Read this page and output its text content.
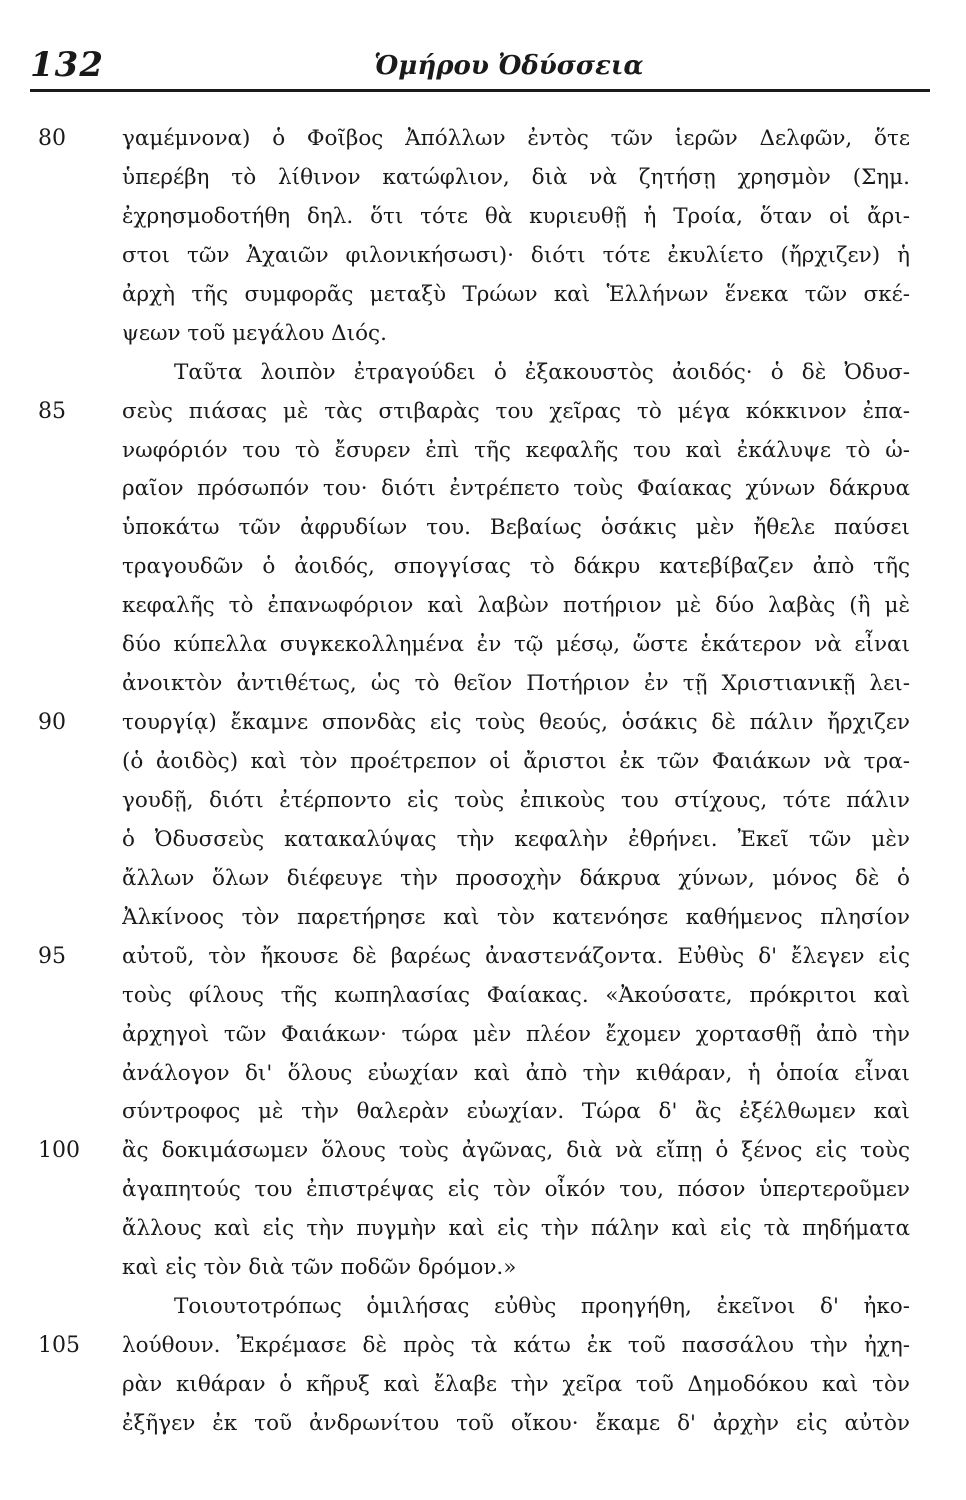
132	Ὁμήρου Ὀδύσσεια
80	γαμέμνονα) ὁ Φοῖβος Ἀπόλλων ἐντὸς τῶν ἱερῶν Δελφῶν, ὅτε
ὑπερέβη τὸ λίθινον κατώφλιον, διὰ νὰ ζητήσῃ χρησμὸν (Σημ.
ἐχρησμοδοτήθη δηλ. ὅτι τότε θὰ κυριευθῇ ἡ Τροία, ὅταν οἱ ἄρι-
στοι τῶν Ἀχαιῶν φιλονικήσωσι)· διότι τότε ἐκυλίετο (ἤρχιζεν) ἡ
ἀρχὴ τῆς συμφορᾶς μεταξὺ Τρώων καὶ Ἑλλήνων ἕνεκα τῶν σκέ-
ψεων τοῦ μεγάλου Διός.
Ταῦτα λοιπὸν ἐτραγούδει ὁ ἐξακουστὸς ἀοιδός· ὁ δὲ Ὀδυσ-
85	σεὺς πιάσας μὲ τὰς στιβαρὰς του χεῖρας τὸ μέγα κόκκινον ἐπα-
νωφόριόν του τὸ ἔσυρεν ἐπὶ τῆς κεφαλῆς του καὶ ἐκάλυψε τὸ ὡ-
ραῖον πρόσωπόν του· διότι ἐντρέπετο τοὺς Φαίακας χύνων δάκρυα
ὑποκάτω τῶν ἀφρυδίων του. Βεβαίως ὁσάκις μὲν ἤθελε παύσει
τραγουδῶν ὁ ἀοιδός, σπογγίσας τὸ δάκρυ κατεβίβαζεν ἀπὸ τῆς
κεφαλῆς τὸ ἐπανωφόριον καὶ λαβὼν ποτήριον μὲ δύο λαβὰς (ἢ μὲ
δύο κύπελλα συγκεκολλημένα ἐν τῷ μέσῳ, ὥστε ἑκάτερον νὰ εἶναι
ἀνοικτὸν ἀντιθέτως, ὡς τὸ θεῖον Ποτήριον ἐν τῇ Χριστιανικῇ λει-
90	τουργίᾳ) ἔκαμνε σπονδὰς εἰς τοὺς θεούς, ὁσάκις δὲ πάλιν ἤρχιζεν
(ὁ ἀοιδὸς) καὶ τὸν προέτρεπον οἱ ἄριστοι ἐκ τῶν Φαιάκων νὰ τρα-
γουδῇ, διότι ἐτέρποντο εἰς τοὺς ἐπικοὺς του στίχους, τότε πάλιν
ὁ Ὀδυσσεὺς κατακαλύψας τὴν κεφαλὴν ἐθρήνει. Ἐκεῖ τῶν μὲν
ἄλλων ὅλων διέφευγε τὴν προσοχὴν δάκρυα χύνων, μόνος δὲ ὁ
Ἀλκίνοος τὸν παρετήρησε καὶ τὸν κατενόησε καθήμενος πλησίον
95	αὐτοῦ, τὸν ἤκουσε δὲ βαρέως ἀναστενάζοντα. Εὐθὺς δ' ἔλεγεν εἰς
τοὺς φίλους τῆς κωπηλασίας Φαίακας. «Ἀκούσατε, πρόκριτοι καὶ
ἀρχηγοὶ τῶν Φαιάκων· τώρα μὲν πλέον ἔχομεν χορτασθῇ ἀπὸ τὴν
ἀνάλογον δι' ὅλους εὐωχίαν καὶ ἀπὸ τὴν κιθάραν, ἡ ὁποία εἶναι
σύντροφος μὲ τὴν θαλερὰν εὐωχίαν. Τώρα δ' ἂς ἐξέλθωμεν καὶ
100	ἂς δοκιμάσωμεν ὅλους τοὺς ἀγῶνας, διὰ νὰ εἴπῃ ὁ ξένος εἰς τοὺς
ἀγαπητούς του ἐπιστρέψας εἰς τὸν οἶκόν του, πόσον ὑπερτεροῦμεν
ἄλλους καὶ εἰς τὴν πυγμὴν καὶ εἰς τὴν πάλην καὶ εἰς τὰ πηδήματα
καὶ εἰς τὸν διὰ τῶν ποδῶν δρόμον.»
Τοιουτοτρόπως ὁμιλήσας εὐθὺς προηγήθη, ἐκεῖνοι δ' ἠκο-
105	λούθουν. Ἐκρέμασε δὲ πρὸς τὰ κάτω ἐκ τοῦ πασσάλου τὴν ἠχη-
ρὰν κιθάραν ὁ κῆρυξ καὶ ἔλαβε τὴν χεῖρα τοῦ Δημοδόκου καὶ τὸν
ἐξῆγεν ἐκ τοῦ ἀνδρωνίτου τοῦ οἴκου· ἔκαμε δ' ἀρχὴν εἰς αὐτὸν
